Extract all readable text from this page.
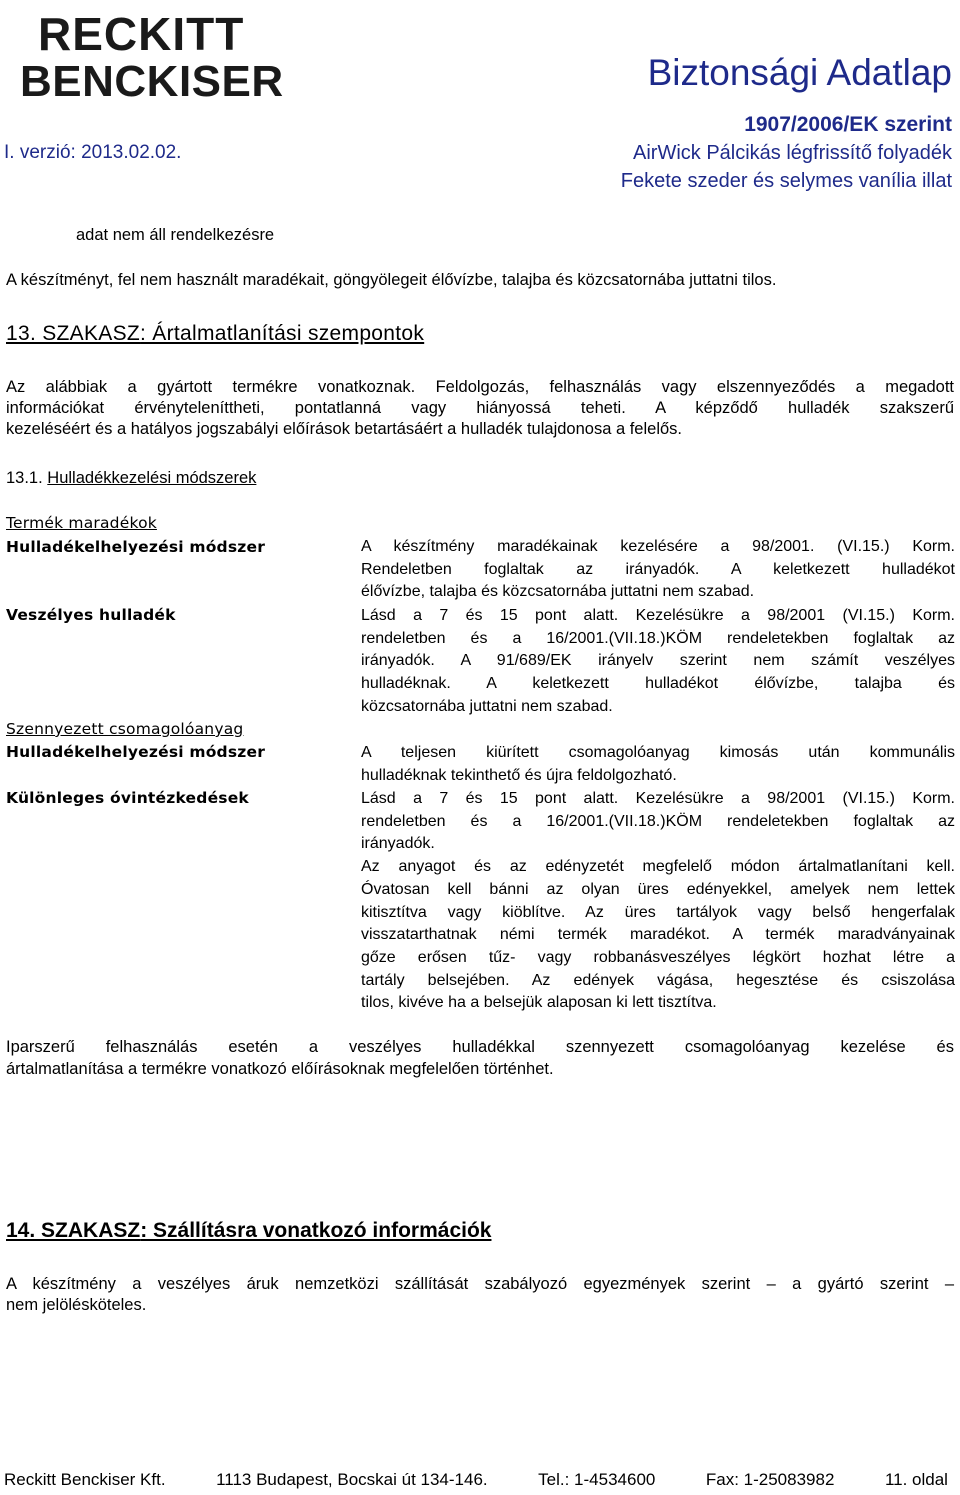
RECKITT
BENCKISER	Biztonsági Adatlap
1907/2006/EK szerint
I. verzió: 2013.02.02.	AirWick Pálcikás légfrissítő folyadék
Fekete szeder és selymes vanília illat
adat nem áll rendelkezésre
A készítményt, fel nem használt maradékait, göngyölegeit élővízbe, talajba és közcsatornába juttatni tilos.
13. SZAKASZ: Ártalmatlanítási szempontok
Az alábbiak a gyártott termékre vonatkoznak. Feldolgozás, felhasználás vagy elszennyeződés a megadott
információkat érvényteleníttheti, pontatlanná vagy hiányossá teheti. A képződő hulladék szakszerű
kezeléséért és a hatályos jogszabályi előírások betartásáért a hulladék tulajdonosa a felelős.
13.1. Hulladékkezelési módszerek
Termék maradékok
Hulladékelhelyezési módszer	A készítmény maradékainak kezelésére a 98/2001. (VI.15.) Korm.
Rendeletben foglaltak az irányadók. A keletkezett hulladékot
élővízbe, talajba és közcsatornába juttatni nem szabad.
Veszélyes hulladék	Lásd a 7 és 15 pont alatt. Kezelésükre a 98/2001 (VI.15.) Korm.
rendeletben és a 16/2001.(VII.18.)KÖM rendeletekben foglaltak az
irányadók. A 91/689/EK irányelv szerint nem számít veszélyes
hulladéknak. A keletkezett hulladékot élővízbe, talajba és
közcsatornába juttatni nem szabad.
Szennyezett csomagolóanyag
Hulladékelhelyezési módszer	A teljesen kiürített csomagolóanyag kimosás után kommunális
hulladéknak tekinthető és újra feldolgozható.
Különleges óvintézkedések	Lásd a 7 és 15 pont alatt. Kezelésükre a 98/2001 (VI.15.) Korm.
rendeletben és a 16/2001.(VII.18.)KÖM rendeletekben foglaltak az
irányadók.
Az anyagot és az edényzetét megfelelő módon ártalmatlanítani kell.
Óvatosan kell bánni az olyan üres edényekkel, amelyek nem lettek
kitisztítva vagy kiöblítve. Az üres tartályok vagy belső hengerfalak
visszatarthatnak némi termék maradékot. A termék maradványainak
gőze erősen tűz- vagy robbanásveszélyes légkört hozhat létre a
tartály belsejében. Az edények vágása, hegesztése és csiszolása
tilos, kivéve ha a belsejük alaposan ki lett tisztítva.
Iparszerű felhasználás esetén a veszélyes hulladékkal szennyezett csomagolóanyag kezelése és
ártalmatlanítása a termékre vonatkozó előírásoknak megfelelően történhet.
14. SZAKASZ: Szállításra vonatkozó információk
A készítmény a veszélyes áruk nemzetközi szállítását szabályozó egyezmények szerint – a gyártó szerint –
nem jelölésköteles.
Reckitt Benckiser Kft.	1113 Budapest, Bocskai út 134-146.	Tel.: 1-4534600	Fax: 1-25083982	11. oldal
